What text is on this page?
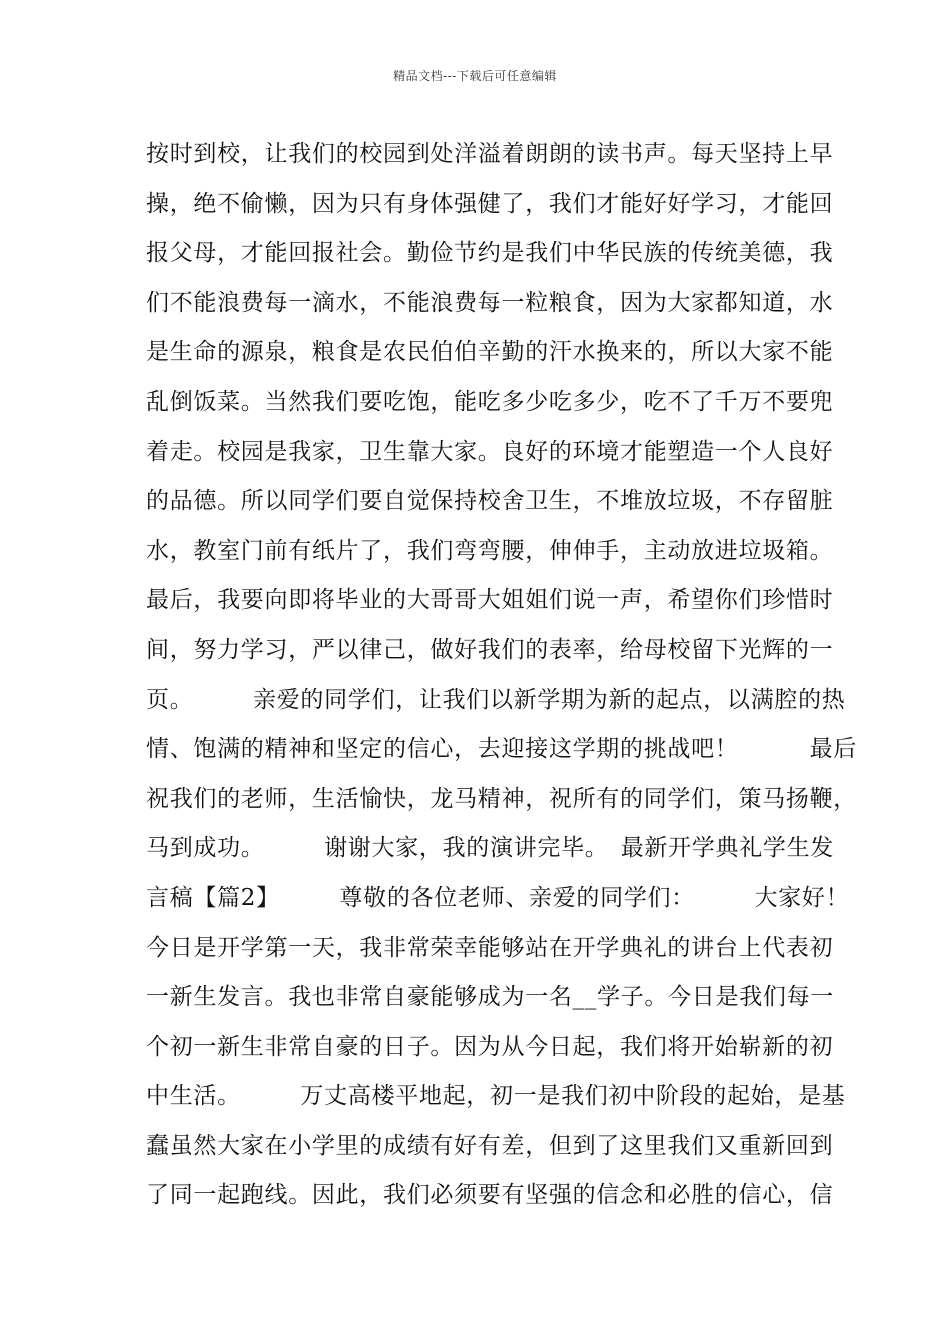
精品文档---下载后可任意编辑
按时到校，让我们的校园到处洋溢着朗朗的读书声。每天坚持上早
操，绝不偷懒，因为只有身体强健了，我们才能好好学习，才能回
报父母，才能回报社会。勤俭节约是我们中华民族的传统美德，我
们不能浪费每一滴水，不能浪费每一粒粮食，因为大家都知道，水
是生命的源泉，粮食是农民伯伯辛勤的汗水换来的，所以大家不能
乱倒饭菜。当然我们要吃饱，能吃多少吃多少，吃不了千万不要兜
着走。校园是我家，卫生靠大家。良好的环境才能塑造一个人良好
的品德。所以同学们要自觉保持校舍卫生，不堆放垃圾，不存留脏
水，教室门前有纸片了，我们弯弯腰，伸伸手，主动放进垃圾箱。
最后，我要向即将毕业的大哥哥大姐姐们说一声，希望你们珍惜时
间，努力学习，严以律己，做好我们的表率，给母校留下光辉的一
页。　　　亲爱的同学们，让我们以新学期为新的起点，以满腔的热
情、饱满的精神和坚定的信心，去迎接这学期的挑战吧！　　　最后
祝我们的老师，生活愉快，龙马精神，祝所有的同学们，策马扬鞭，
马到成功。　　　谢谢大家，我的演讲完毕。　最新开学典礼学生发
言稿【篇2】　　　尊敬的各位老师、亲爱的同学们：　　　大家好！
今日是开学第一天，我非常荣幸能够站在开学典礼的讲台上代表初
一新生发言。我也非常自豪能够成为一名__学子。今日是我们每一
个初一新生非常自豪的日子。因为从今日起，我们将开始崭新的初
中生活。　　　万丈高楼平地起，初一是我们初中阶段的起始，是基
蠢虽然大家在小学里的成绩有好有差，但到了这里我们又重新回到
了同一起跑线。因此，我们必须要有坚强的信念和必胜的信心，信
